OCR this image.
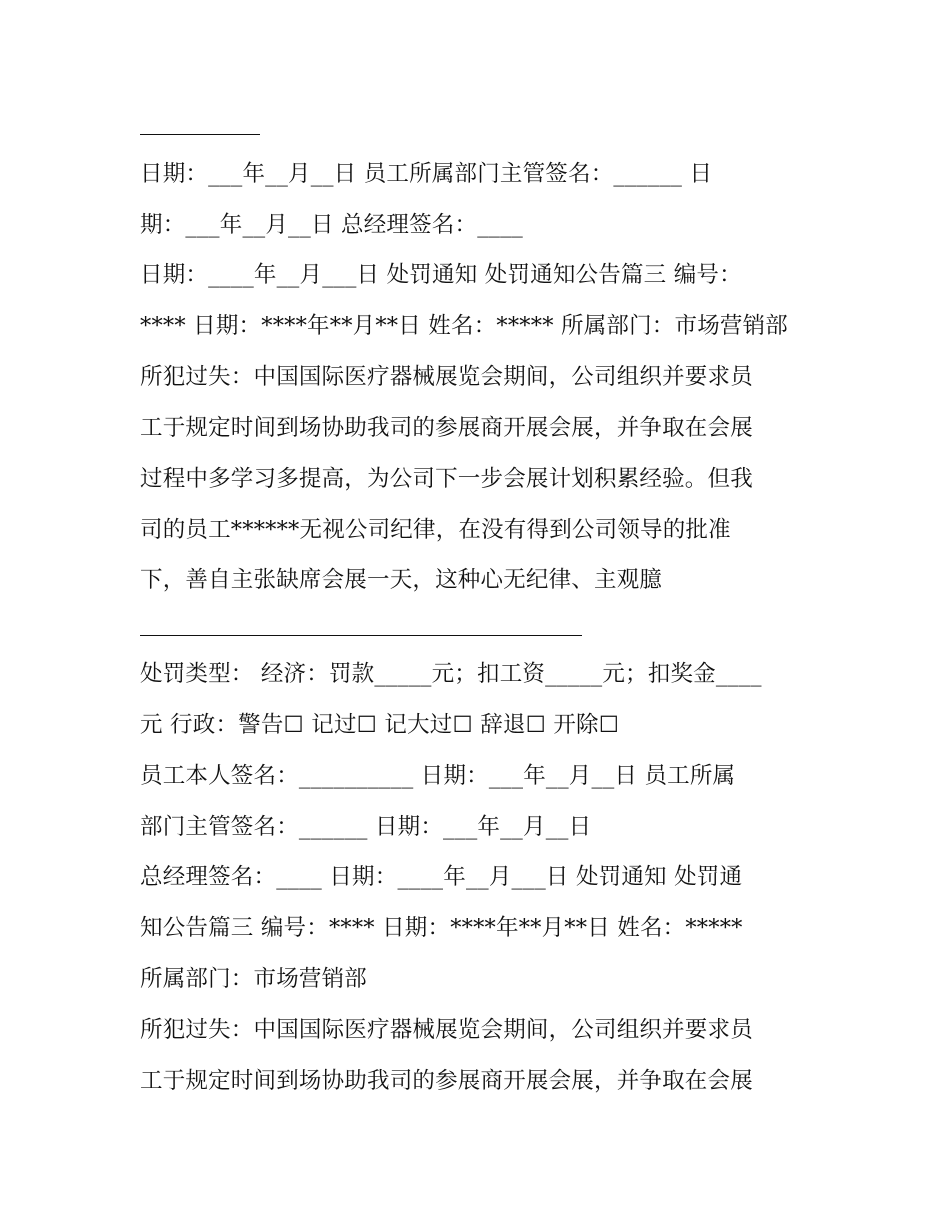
日期：___年__月__日 员工所属部门主管签名：______ 日
期：___年__月__日 总经理签名：____
日期：____年__月___日 处罚通知 处罚通知公告篇三 编号：
**** 日期：****年**月**日 姓名：***** 所属部门：市场营销部
所犯过失：中国国际医疗器械展览会期间，公司组织并要求员
工于规定时间到场协助我司的参展商开展会展，并争取在会展
过程中多学习多提高，为公司下一步会展计划积累经验。但我
司的员工******无视公司纪律，在没有得到公司领导的批准
下，善自主张缺席会展一天，这种心无纪律、主观臆
处罚类型： 经济：罚款_____元；扣工资_____元；扣奖金____
元 行政：警告☐ 记过☐ 记大过☐ 辞退☐ 开除☐
员工本人签名：__________ 日期：___年__月__日 员工所属
部门主管签名：______ 日期：___年__月__日
总经理签名：____ 日期：____年__月___日 处罚通知 处罚通
知公告篇三 编号：**** 日期：****年**月**日 姓名：*****
所属部门：市场营销部
所犯过失：中国国际医疗器械展览会期间，公司组织并要求员
工于规定时间到场协助我司的参展商开展会展，并争取在会展
